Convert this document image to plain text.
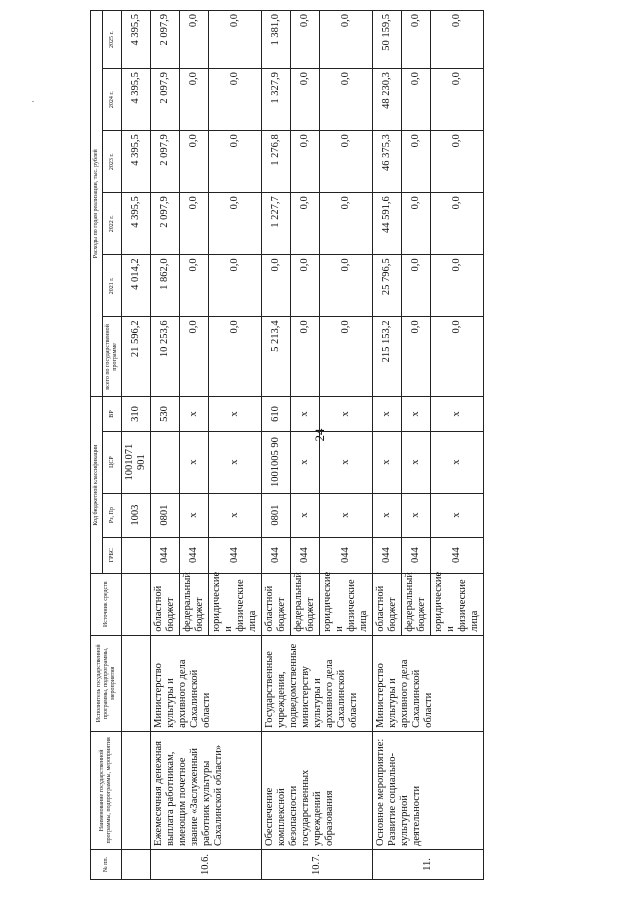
24
.
№ пп.	Наименование государственной программы, подпрограммы, мероприятия	Исполнитель государственной программы, подпрограммы, мероприятия	Источник средств	Код бюджетной классификации				Расходы по годам реализации, тыс. рублей					
				ГРБС	Рз, Пр	ЦСР	ВР	всего по государственной программе	2021 г.	2022 г.	2023 г.	2024 г.	2025 г.
					1003	1001071 901	310	21 596,2	4 014,2	4 395,5	4 395,5	4 395,5	4 395,5
10.6.	Ежемесячная денежная выплата работникам, имеющим почетное звание «Заслуженный работник культуры Сахалинской области»	Министерство культуры и архивного дела Сахалинской области	областной бюджет	044	0801		530	10 253,6	1 862,0	2 097,9	2 097,9	2 097,9	2 097,9
			федеральный бюджет	044	x	x	x	0,0	0,0	0,0	0,0	0,0	0,0
			юридические и физические лица	044	x	x	x	0,0	0,0	0,0	0,0	0,0	0,0
10.7.	Обеспечение комплексной безопасности государственных учреждений образования	Государственные учреждения, подведомственные министерству культуры и архивного дела Сахалинской области	областной бюджет	044	0801	1001005 90	610	5 213,4	0,0	1 227,7	1 276,8	1 327,9	1 381,0
			федеральный бюджет	044	x	x	x	0,0	0,0	0,0	0,0	0,0	0,0
			юридические и физические лица	044	x	x	x	0,0	0,0	0,0	0,0	0,0	0,0
11.	Основное мероприятие: Развитие социально-культурной деятельности	Министерство культуры и архивного дела Сахалинской области	областной бюджет	044	x	x	x	215 153,2	25 796,5	44 591,6	46 375,3	48 230,3	50 159,5
			федеральный бюджет	044	x	x	x	0,0	0,0	0,0	0,0	0,0	0,0
			юридические и физические лица	044	x	x	x	0,0	0,0	0,0	0,0	0,0	0,0
